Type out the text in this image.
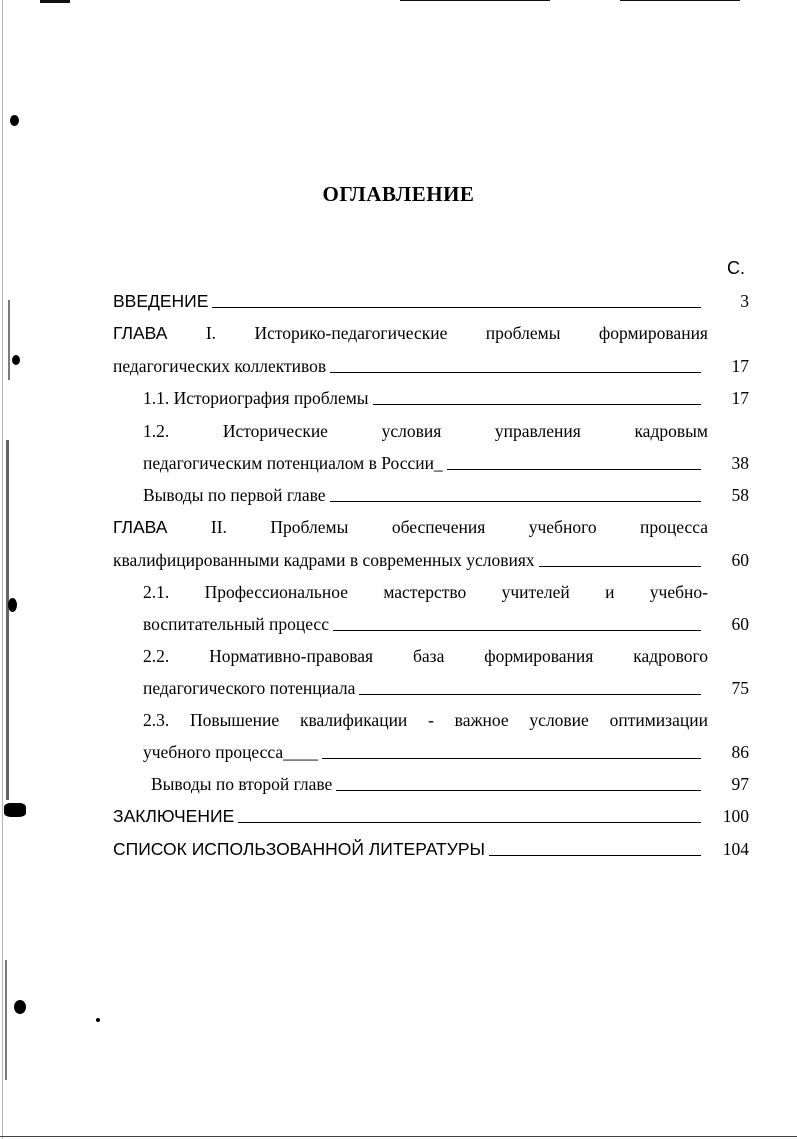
ОГЛАВЛЕНИЕ
С.
ВВЕДЕНИЕ	3
ГЛАВА I. Историко-педагогические проблемы формирования
педагогических коллективов	17
1.1. Историография проблемы	17
1.2.	Исторические	условия	управления	кадровым
педагогическим потенциалом в России_	38
Выводы по первой главе	58
ГЛАВА II. Проблемы обеспечения учебного процесса
квалифицированными кадрами в современных условиях	60
2.1. Профессиональное мастерство учителей и учебно-
воспитательный процесс	60
2.2. Нормативно-правовая база формирования кадрового
педагогического потенциала	75
2.3. Повышение квалификации - важное условие оптимизации
учебного процесса____	86
Выводы по второй главе	97
ЗАКЛЮЧЕНИЕ	100
СПИСОК ИСПОЛЬЗОВАННОЙ ЛИТЕРАТУРЫ	104
